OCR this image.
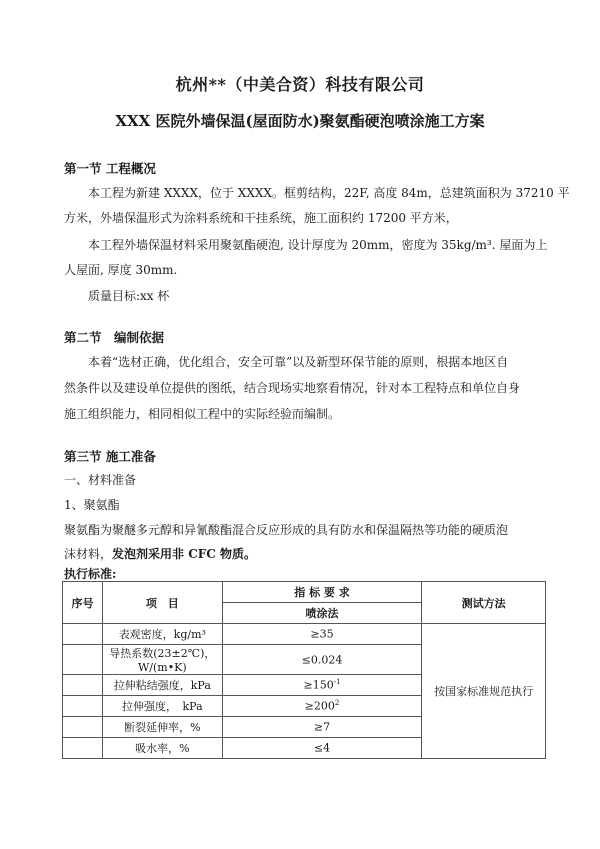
杭州**（中美合资）科技有限公司
XXX 医院外墙保温(屋面防水)聚氨酯硬泡喷涂施工方案
第一节 工程概况
本工程为新建 XXXX，位于 XXXX。框剪结构，22F, 高度 84m，总建筑面积为 37210 平
方米，外墙保温形式为涂料系统和干挂系统，施工面积约 17200 平方米，
本工程外墙保温材料采用聚氨酯硬泡, 设计厚度为 20mm，密度为 35kg/m³. 屋面为上
人屋面, 厚度 30mm.
质量目标:xx 杯
第二节　编制依据
本着“选材正确，优化组合，安全可靠”以及新型环保节能的原则，根据本地区自
然条件以及建设单位提供的图纸，结合现场实地察看情况，针对本工程特点和单位自身
施工组织能力，相同相似工程中的实际经验而编制。
第三节 施工准备
一、材料准备
1、聚氨酯
聚氨酯为聚醚多元醇和异氰酸酯混合反应形成的具有防水和保温隔热等功能的硬质泡
沫材料，发泡剂采用非 CFC 物质。
执行标准:
序号	项　目	指 标 要 求	测试方法
		喷涂法	
	表观密度，kg/m³	≥35	按国家标准规范执行
	导热系数(23±2℃)，W/(m•K)	≤0.024	
	拉伸粘结强度，kPa	$\ge 150^{-1}$
	拉伸强度，　kPa	$\ge 200^2$
	断裂延伸率，%	≥7	
	吸水率，%	≤4	
